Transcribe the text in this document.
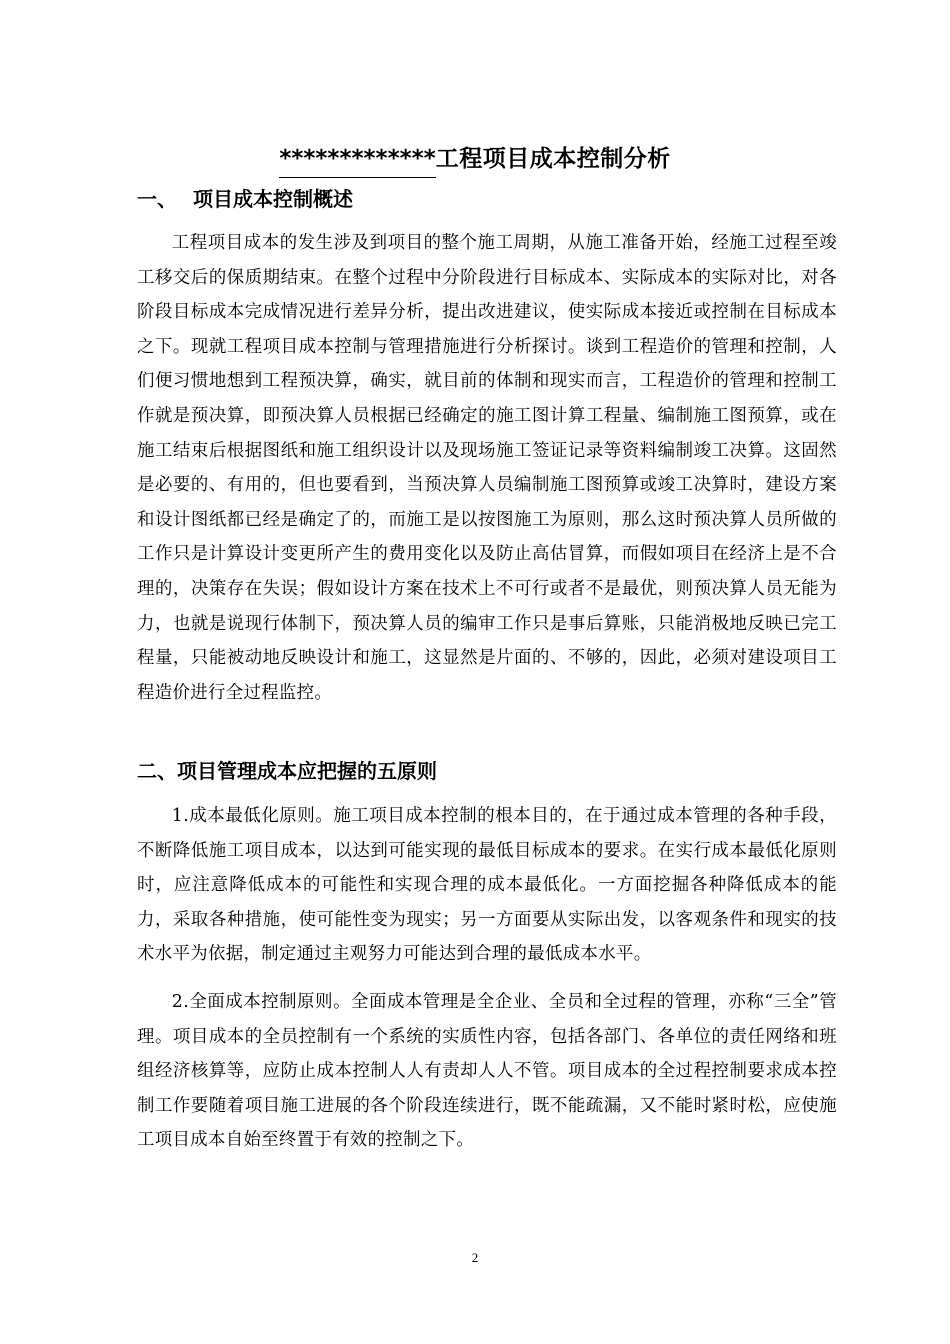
*************工程项目成本控制分析
一、 项目成本控制概述

工程项目成本的发生涉及到项目的整个施工周期，从施工准备开始，经施工过程至竣工移交后的保质期结束。在整个过程中分阶段进行目标成本、实际成本的实际对比，对各阶段目标成本完成情况进行差异分析，提出改进建议，使实际成本接近或控制在目标成本之下。现就工程项目成本控制与管理措施进行分析探讨。谈到工程造价的管理和控制，人们便习惯地想到工程预决算，确实，就目前的体制和现实而言，工程造价的管理和控制工作就是预决算，即预决算人员根据已经确定的施工图计算工程量、编制施工图预算，或在施工结束后根据图纸和施工组织设计以及现场施工签证记录等资料编制竣工决算。这固然是必要的、有用的，但也要看到，当预决算人员编制施工图预算或竣工决算时，建设方案和设计图纸都已经是确定了的，而施工是以按图施工为原则，那么这时预决算人员所做的工作只是计算设计变更所产生的费用变化以及防止高估冒算，而假如项目在经济上是不合理的，决策存在失误；假如设计方案在技术上不可行或者不是最优，则预决算人员无能为力，也就是说现行体制下，预决算人员的编审工作只是事后算账，只能消极地反映已完工程量，只能被动地反映设计和施工，这显然是片面的、不够的，因此，必须对建设项目工程造价进行全过程监控。

二、项目管理成本应把握的五原则

1.成本最低化原则。施工项目成本控制的根本目的，在于通过成本管理的各种手段，不断降低施工项目成本，以达到可能实现的最低目标成本的要求。在实行成本最低化原则时，应注意降低成本的可能性和实现合理的成本最低化。一方面挖掘各种降低成本的能力，采取各种措施，使可能性变为现实；另一方面要从实际出发，以客观条件和现实的技术水平为依据，制定通过主观努力可能达到合理的最低成本水平。

2.全面成本控制原则。全面成本管理是全企业、全员和全过程的管理，亦称“三全”管理。项目成本的全员控制有一个系统的实质性内容，包括各部门、各单位的责任网络和班组经济核算等，应防止成本控制人人有责却人人不管。项目成本的全过程控制要求成本控制工作要随着项目施工进展的各个阶段连续进行，既不能疏漏，又不能时紧时松，应使施工项目成本自始至终置于有效的控制之下。

2
